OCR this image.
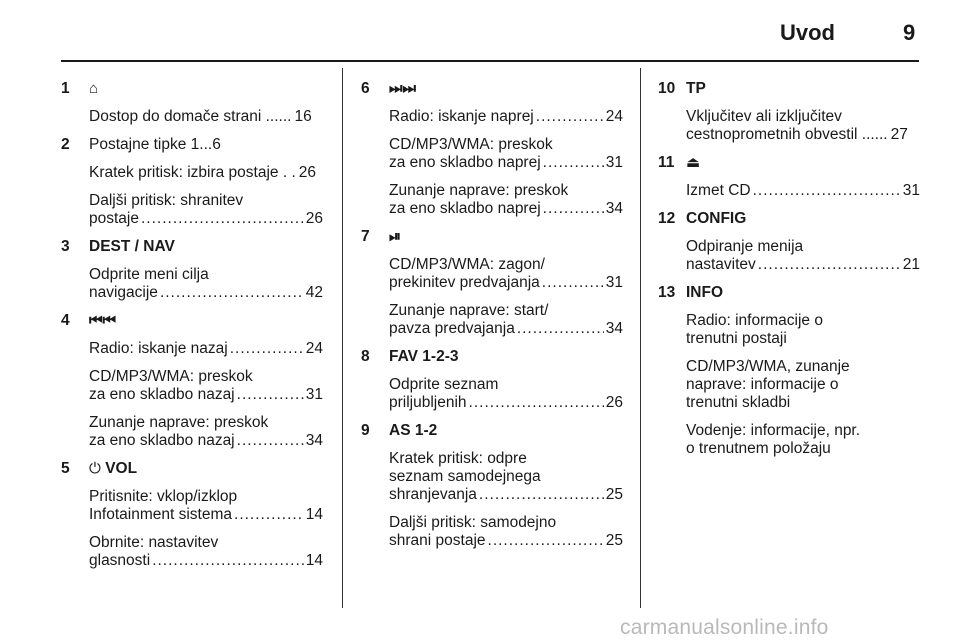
Uvod	9
1 ⌂
Dostop do domače strani ...... 16
2 Postajne tipke 1...6
Kratek pritisk: izbira postaje . . 26
Daljši pritisk: shranitev
postaje .....	26
3 DEST / NAV
Odprite meni cilja
navigacije .....	42
4 ⏮⏮
Radio: iskanje nazaj .....	24
CD/MP3/WMA: preskok
za eno skladbo nazaj .....	31
Zunanje naprave: preskok
za eno skladbo nazaj .....	34
5 ⏻ VOL
Pritisnite: vklop/izklop
Infotainment sistema .....	14
Obrnite: nastavitev
glasnosti .....	14
6 ⏭⏭
Radio: iskanje naprej .....	24
CD/MP3/WMA: preskok
za eno skladbo naprej .....	31
Zunanje naprave: preskok
za eno skladbo naprej .....	34
7 ⏯
CD/MP3/WMA: zagon/
prekinitev predvajanja .....	31
Zunanje naprave: start/
pavza predvajanja .....	34
8 FAV 1-2-3
Odprite seznam
priljubljenih .....	26
9 AS 1-2
Kratek pritisk: odpre
seznam samodejnega
shranjevanja .....	25
Daljši pritisk: samodejno
shrani postaje .....	25
10 TP
Vključitev ali izključitev
cestnoprometnih obvestil ...... 27
11 ⏏
Izmet CD .....	31
12 CONFIG
Odpiranje menija
nastavitev .....	21
13 INFO
Radio: informacije o
trenutni postaji
CD/MP3/WMA, zunanje
naprave: informacije o
trenutni skladbi
Vodenje: informacije, npr.
o trenutnem položaju
carmanualsonline.info
